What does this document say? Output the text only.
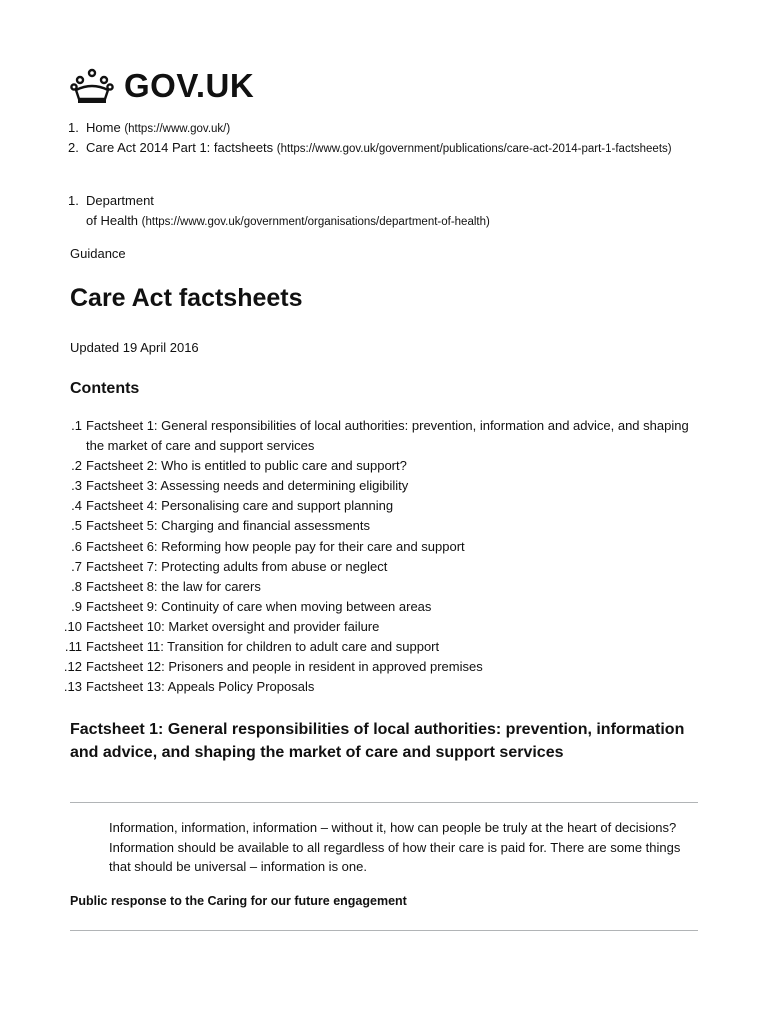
GOV.UK
1. Home (https://www.gov.uk/)
2. Care Act 2014 Part 1: factsheets (https://www.gov.uk/government/publications/care-act-2014-part-1-factsheets)
1. Department
of Health (https://www.gov.uk/government/organisations/department-of-health)
Guidance
Care Act factsheets
Updated 19 April 2016
Contents
1. Factsheet 1: General responsibilities of local authorities: prevention, information and advice, and shaping the market of care and support services
2. Factsheet 2: Who is entitled to public care and support?
3. Factsheet 3: Assessing needs and determining eligibility
4. Factsheet 4: Personalising care and support planning
5. Factsheet 5: Charging and financial assessments
6. Factsheet 6: Reforming how people pay for their care and support
7. Factsheet 7: Protecting adults from abuse or neglect
8. Factsheet 8: the law for carers
9. Factsheet 9: Continuity of care when moving between areas
10. Factsheet 10: Market oversight and provider failure
11. Factsheet 11: Transition for children to adult care and support
12. Factsheet 12: Prisoners and people in resident in approved premises
13. Factsheet 13: Appeals Policy Proposals
Factsheet 1: General responsibilities of local authorities: prevention, information and advice, and shaping the market of care and support services

Information, information, information – without it, how can people be truly at the heart of decisions? Information should be available to all regardless of how their care is paid for. There are some things that should be universal – information is one.

Public response to the Caring for our future engagement
